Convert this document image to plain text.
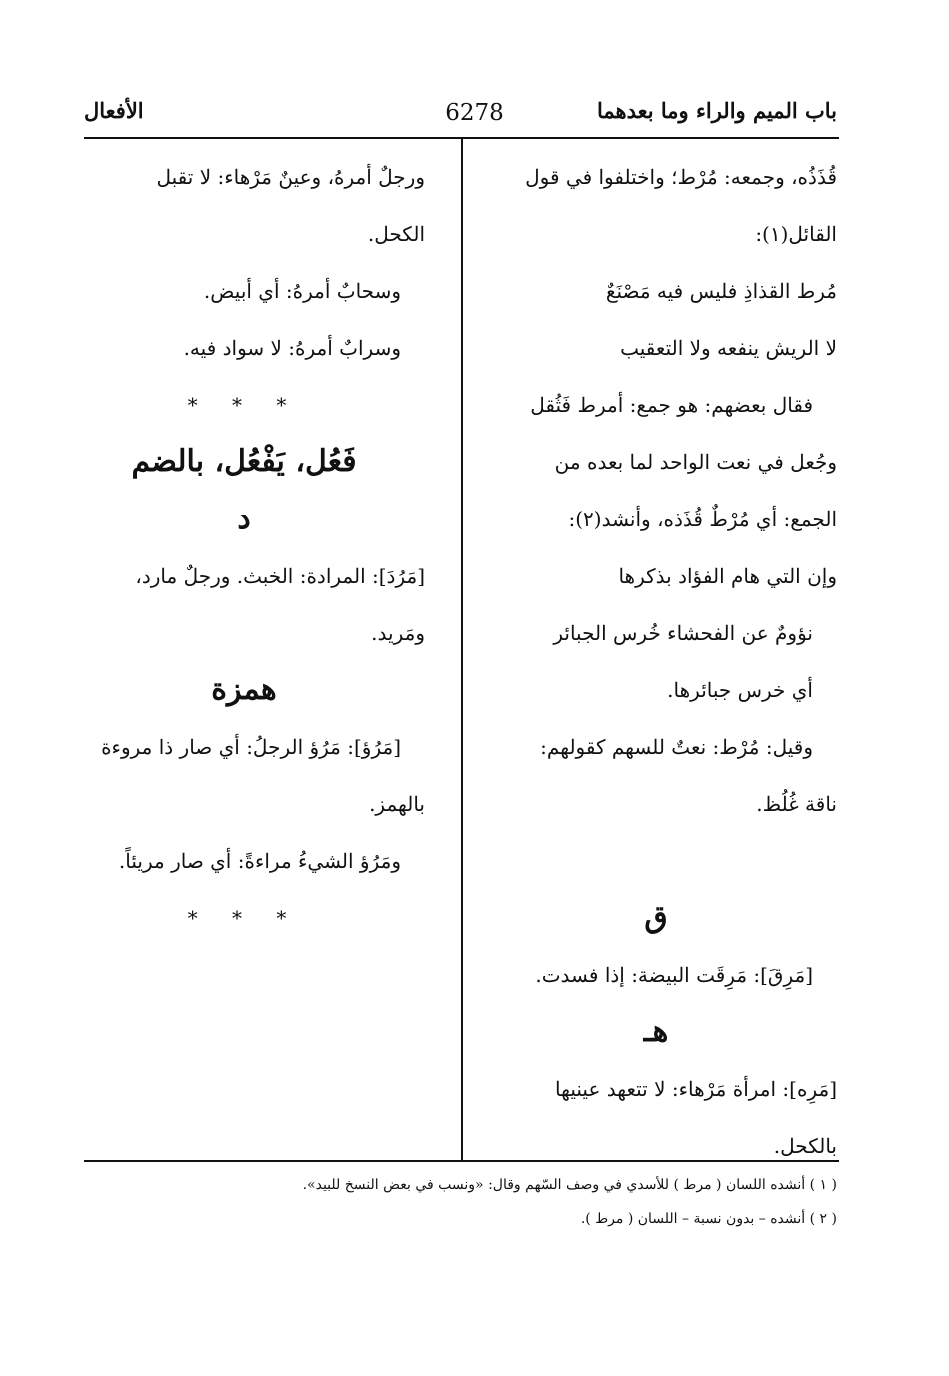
باب الميم والراء وما بعدهما
6278
الأفعال
قُذَذُه، وجمعه: مُرْط؛ واختلفوا في قول
القائل(١):
مُرط القذاذِ فليس فيه مَصْنَعٌ
لا الريش ينفعه ولا التعقيب
فقال بعضهم: هو جمع: أمرط فَثُقل
وجُعل في نعت الواحد لما بعده من
الجمع: أي مُرْطٌ قُذَذه، وأنشد(٢):
وإن التي هام الفؤاد بذكرها
نؤومٌ عن الفحشاء خُرس الجبائر
أي خرس جبائرها.
وقيل: مُرْط: نعتٌ للسهم كقولهم:
ناقة غُلُظ.
ق
[مَرِقَ]: مَرِقَت البيضة: إذا فسدت.
هـ
[مَرِه]: امرأة مَرْهاء: لا تتعهد عينيها
بالكحل.
ورجلٌ أمرهُ، وعينٌ مَرْهاء: لا تقبل
الكحل.
وسحابٌ أمرهُ: أي أبيض.
وسرابٌ أمرهُ: لا سواد فيه.
* * *
فَعُل، يَفْعُل، بالضم
د
[مَرُدَ]: المرادة: الخبث. ورجلٌ مارد،
ومَريد.
همزة
[مَرُؤ]: مَرُؤ الرجلُ: أي صار ذا مروءة
بالهمز.
ومَرُؤ الشيءُ مراءةً: أي صار مريئاً.
* * *
( ١ ) أنشده اللسان ( مرط ) للأسدي في وصف السّهم وقال: «ونسب في بعض النسخ للبيد».
( ٢ ) أنشده – بدون نسبة – اللسان ( مرط ).
